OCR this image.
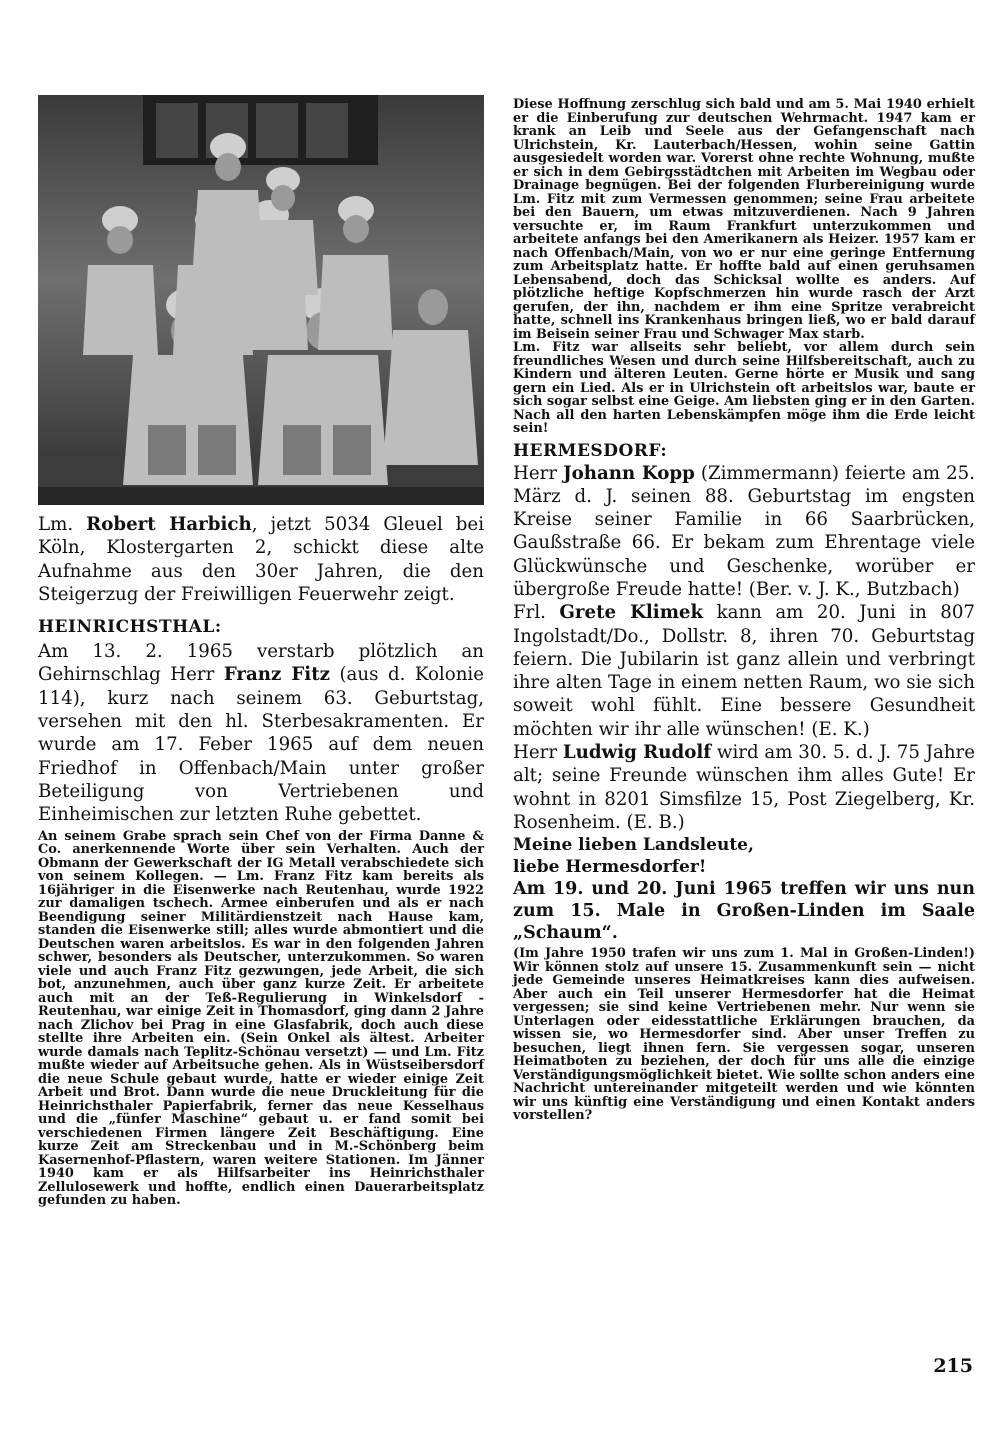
Lm. Robert Harbich, jetzt 5034 Gleuel bei Köln, Klostergarten 2, schickt diese alte Aufnahme aus den 30er Jahren, die den Steigerzug der Freiwilligen Feuerwehr zeigt.

HEINRICHSTHAL:

Am 13. 2. 1965 verstarb plötzlich an Gehirnschlag Herr Franz Fitz (aus d. Kolonie 114), kurz nach seinem 63. Geburtstag, versehen mit den hl. Sterbesakramenten. Er wurde am 17. Feber 1965 auf dem neuen Friedhof in Offenbach/Main unter großer Beteiligung von Vertriebenen und Einheimischen zur letzten Ruhe gebettet.

An seinem Grabe sprach sein Chef von der Firma Danne & Co. anerkennende Worte über sein Verhalten. Auch der Obmann der Gewerkschaft der IG Metall verabschiedete sich von seinem Kollegen. — Lm. Franz Fitz kam bereits als 16jähriger in die Eisenwerke nach Reutenhau, wurde 1922 zur damaligen tschech. Armee einberufen und als er nach Beendigung seiner Militärdienstzeit nach Hause kam, standen die Eisenwerke still; alles wurde abmontiert und die Deutschen waren arbeitslos. Es war in den folgenden Jahren schwer, besonders als Deutscher, unterzukommen. So waren viele und auch Franz Fitz gezwungen, jede Arbeit, die sich bot, anzunehmen, auch über ganz kurze Zeit. Er arbeitete auch mit an der Teß-Regulierung in Winkelsdorf - Reutenhau, war einige Zeit in Thomasdorf, ging dann 2 Jahre nach Zlichov bei Prag in eine Glasfabrik, doch auch diese stellte ihre Arbeiten ein. (Sein Onkel als ältest. Arbeiter wurde damals nach Teplitz-Schönau versetzt) — und Lm. Fitz mußte wieder auf Arbeitsuche gehen. Als in Wüstseibersdorf die neue Schule gebaut wurde, hatte er wieder einige Zeit Arbeit und Brot. Dann wurde die neue Druckleitung für die Heinrichsthaler Papierfabrik, ferner das neue Kesselhaus und die „fünfer Maschine“ gebaut u. er fand somit bei verschiedenen Firmen längere Zeit Beschäftigung. Eine kurze Zeit am Streckenbau und in M.-Schönberg beim Kasernenhof-Pflastern, waren weitere Stationen. Im Jänner 1940 kam er als Hilfsarbeiter ins Heinrichsthaler Zellulosewerk und hoffte, endlich einen Dauerarbeitsplatz gefunden zu haben.

Diese Hoffnung zerschlug sich bald und am 5. Mai 1940 erhielt er die Einberufung zur deutschen Wehrmacht. 1947 kam er krank an Leib und Seele aus der Gefangenschaft nach Ulrichstein, Kr. Lauterbach/Hessen, wohin seine Gattin ausgesiedelt worden war. Vorerst ohne rechte Wohnung, mußte er sich in dem Gebirgsstädtchen mit Arbeiten im Wegbau oder Drainage begnügen. Bei der folgenden Flurbereinigung wurde Lm. Fitz mit zum Vermessen genommen; seine Frau arbeitete bei den Bauern, um etwas mitzuverdienen. Nach 9 Jahren versuchte er, im Raum Frankfurt unterzukommen und arbeitete anfangs bei den Amerikanern als Heizer. 1957 kam er nach Offenbach/Main, von wo er nur eine geringe Entfernung zum Arbeitsplatz hatte. Er hoffte bald auf einen geruhsamen Lebensabend, doch das Schicksal wollte es anders. Auf plötzliche heftige Kopfschmerzen hin wurde rasch der Arzt gerufen, der ihn, nachdem er ihm eine Spritze verabreicht hatte, schnell ins Krankenhaus bringen ließ, wo er bald darauf im Beisein seiner Frau und Schwager Max starb.

Lm. Fitz war allseits sehr beliebt, vor allem durch sein freundliches Wesen und durch seine Hilfsbereitschaft, auch zu Kindern und älteren Leuten. Gerne hörte er Musik und sang gern ein Lied. Als er in Ulrichstein oft arbeitslos war, baute er sich sogar selbst eine Geige. Am liebsten ging er in den Garten. Nach all den harten Lebenskämpfen möge ihm die Erde leicht sein!

HERMESDORF:

Herr Johann Kopp (Zimmermann) feierte am 25. März d. J. seinen 88. Geburtstag im engsten Kreise seiner Familie in 66 Saarbrücken, Gaußstraße 66. Er bekam zum Ehrentage viele Glückwünsche und Geschenke, worüber er übergroße Freude hatte! (Ber. v. J. K., Butzbach)

Frl. Grete Klimek kann am 20. Juni in 807 Ingolstadt/Do., Dollstr. 8, ihren 70. Geburtstag feiern. Die Jubilarin ist ganz allein und verbringt ihre alten Tage in einem netten Raum, wo sie sich soweit wohl fühlt. Eine bessere Gesundheit möchten wir ihr alle wünschen! (E. K.)

Herr Ludwig Rudolf wird am 30. 5. d. J. 75 Jahre alt; seine Freunde wünschen ihm alles Gute! Er wohnt in 8201 Simsfilze 15, Post Ziegelberg, Kr. Rosenheim. (E. B.)

Meine lieben Landsleute,

liebe Hermesdorfer!

Am 19. und 20. Juni 1965 treffen wir uns nun zum 15. Male in Großen-Linden im Saale „Schaum“.

(Im Jahre 1950 trafen wir uns zum 1. Mal in Großen-Linden!) Wir können stolz auf unsere 15. Zusammenkunft sein — nicht jede Gemeinde unseres Heimatkreises kann dies aufweisen. Aber auch ein Teil unserer Hermesdorfer hat die Heimat vergessen; sie sind keine Vertriebenen mehr. Nur wenn sie Unterlagen oder eidesstattliche Erklärungen brauchen, da wissen sie, wo Hermesdorfer sind. Aber unser Treffen zu besuchen, liegt ihnen fern. Sie vergessen sogar, unseren Heimatboten zu beziehen, der doch für uns alle die einzige Verständigungsmöglichkeit bietet. Wie sollte schon anders eine Nachricht untereinander mitgeteilt werden und wie könnten wir uns künftig eine Verständigung und einen Kontakt anders vorstellen?

215
